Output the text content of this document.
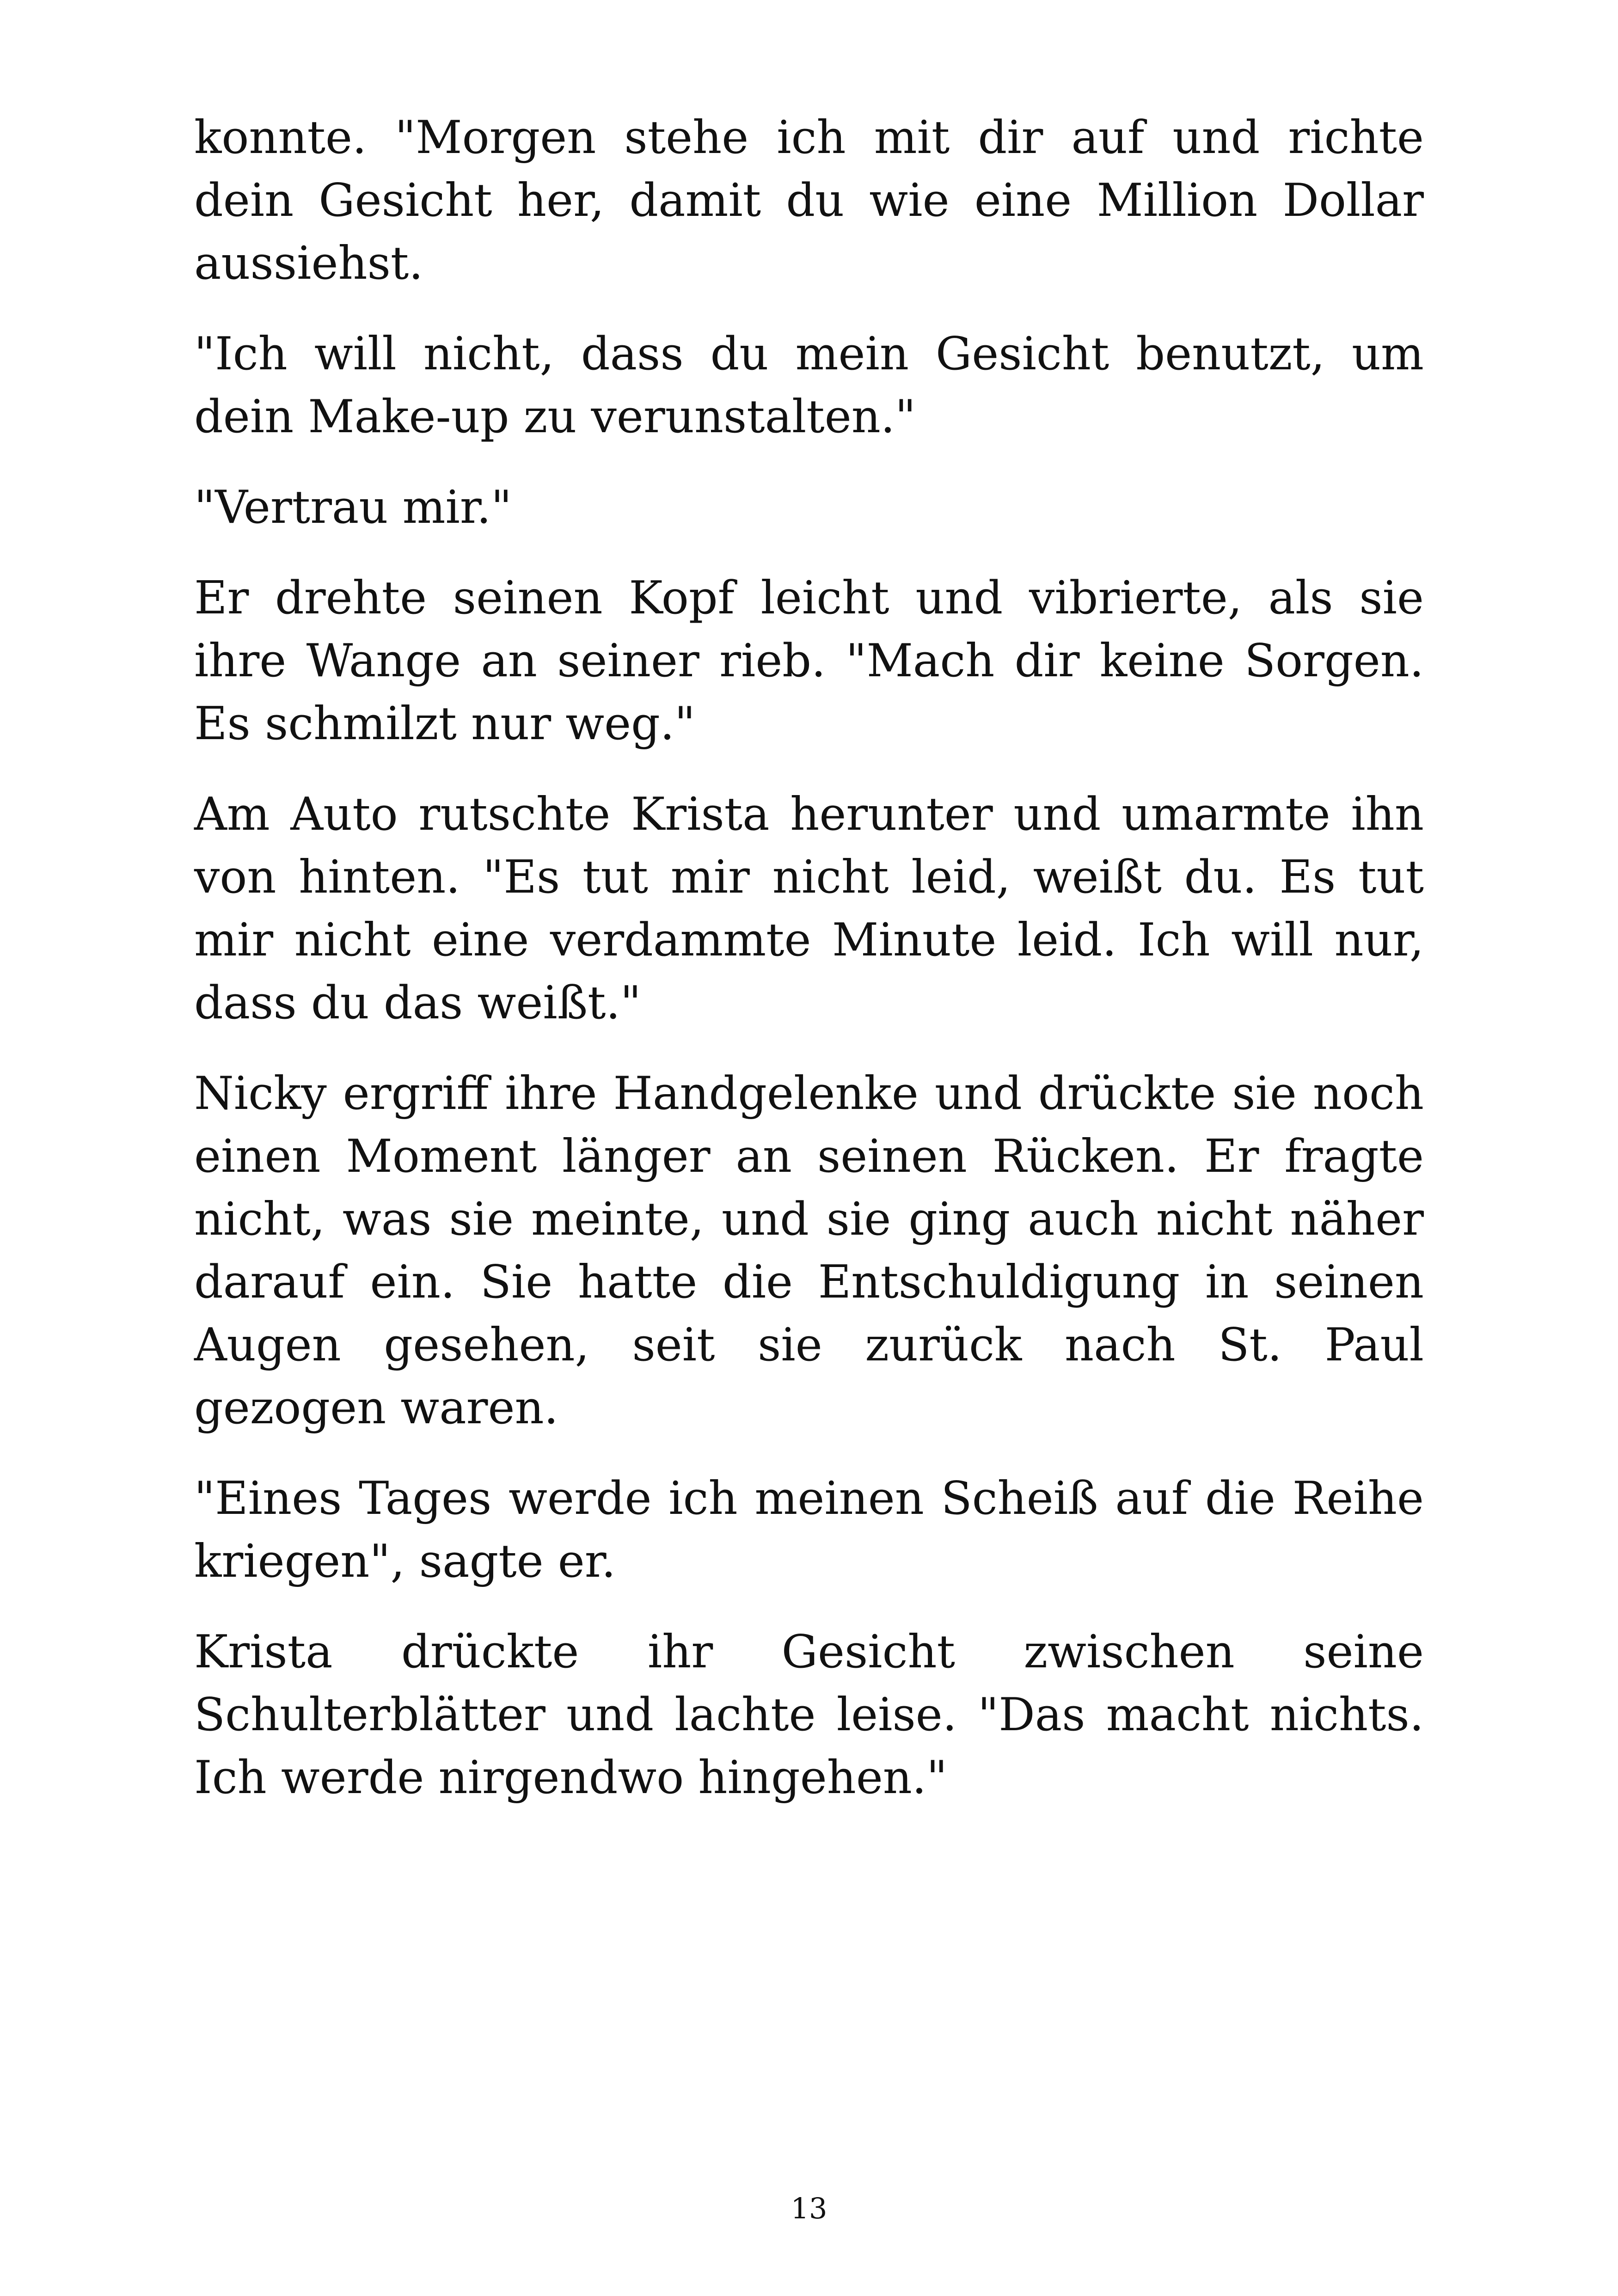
konnte. "Morgen stehe ich mit dir auf und richte dein Gesicht her, damit du wie eine Million Dollar aussiehst.

"Ich will nicht, dass du mein Gesicht benutzt, um dein Make-up zu verunstalten."

"Vertrau mir."

Er drehte seinen Kopf leicht und vibrierte, als sie ihre Wange an seiner rieb. "Mach dir keine Sorgen. Es schmilzt nur weg."

Am Auto rutschte Krista herunter und umarmte ihn von hinten. "Es tut mir nicht leid, weißt du. Es tut mir nicht eine verdammte Minute leid. Ich will nur, dass du das weißt."

Nicky ergriff ihre Handgelenke und drückte sie noch einen Moment länger an seinen Rücken. Er fragte nicht, was sie meinte, und sie ging auch nicht näher darauf ein. Sie hatte die Entschuldigung in seinen Augen gesehen, seit sie zurück nach St. Paul gezogen waren.

"Eines Tages werde ich meinen Scheiß auf die Reihe kriegen", sagte er.

Krista drückte ihr Gesicht zwischen seine Schulterblätter und lachte leise. "Das macht nichts. Ich werde nirgendwo hingehen."

13
